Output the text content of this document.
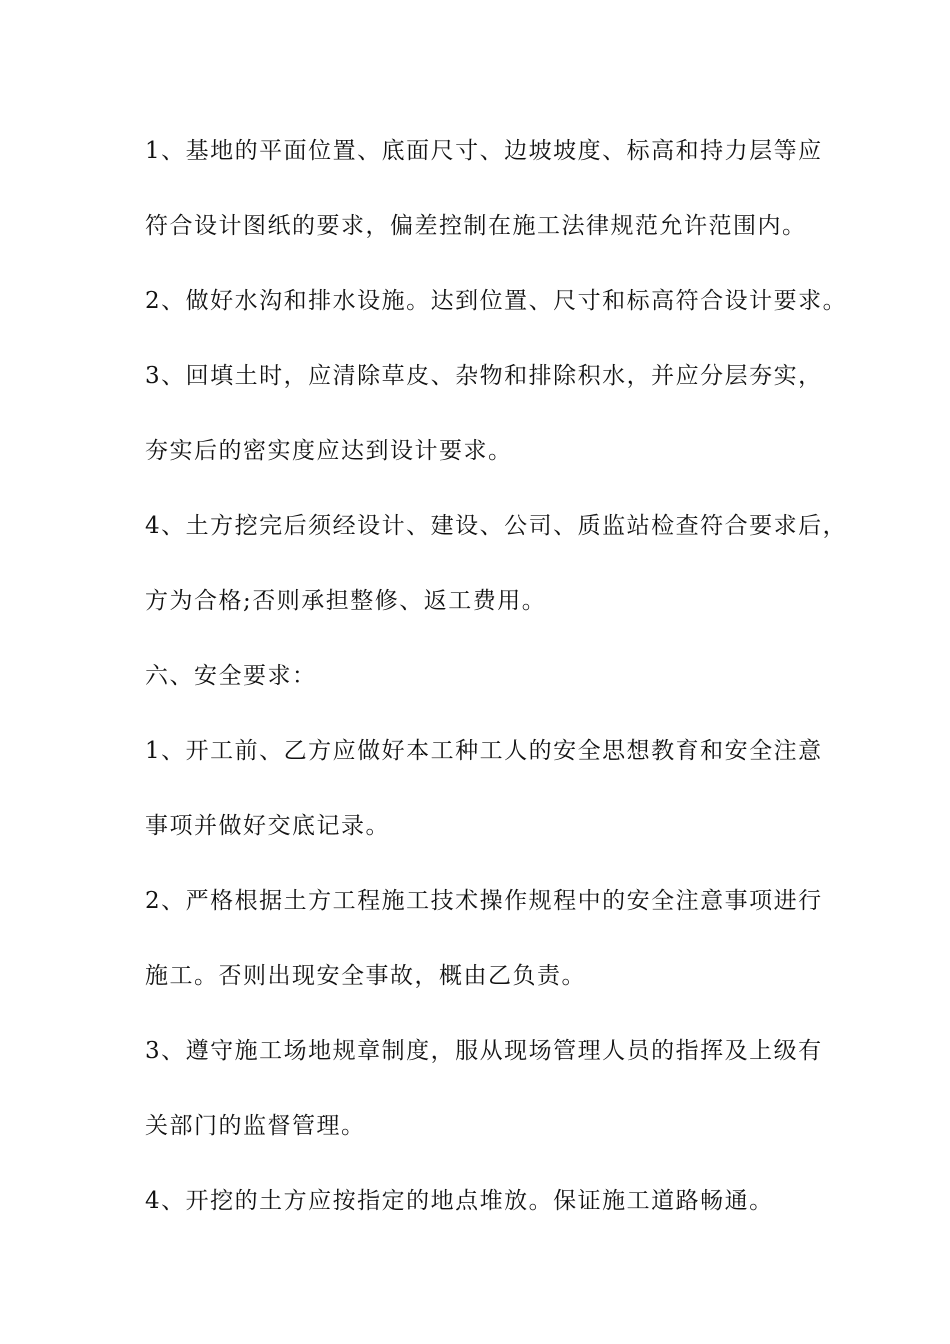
1、基地的平面位置、底面尺寸、边坡坡度、标高和持力层等应
符合设计图纸的要求，偏差控制在施工法律规范允许范围内。
2、做好水沟和排水设施。达到位置、尺寸和标高符合设计要求。
3、回填土时，应清除草皮、杂物和排除积水，并应分层夯实，
夯实后的密实度应达到设计要求。
4、土方挖完后须经设计、建设、公司、质监站检查符合要求后，
方为合格;否则承担整修、返工费用。
六、安全要求：
1、开工前、乙方应做好本工种工人的安全思想教育和安全注意
事项并做好交底记录。
2、严格根据土方工程施工技术操作规程中的安全注意事项进行
施工。否则出现安全事故，概由乙负责。
3、遵守施工场地规章制度，服从现场管理人员的指挥及上级有
关部门的监督管理。
4、开挖的土方应按指定的地点堆放。保证施工道路畅通。
